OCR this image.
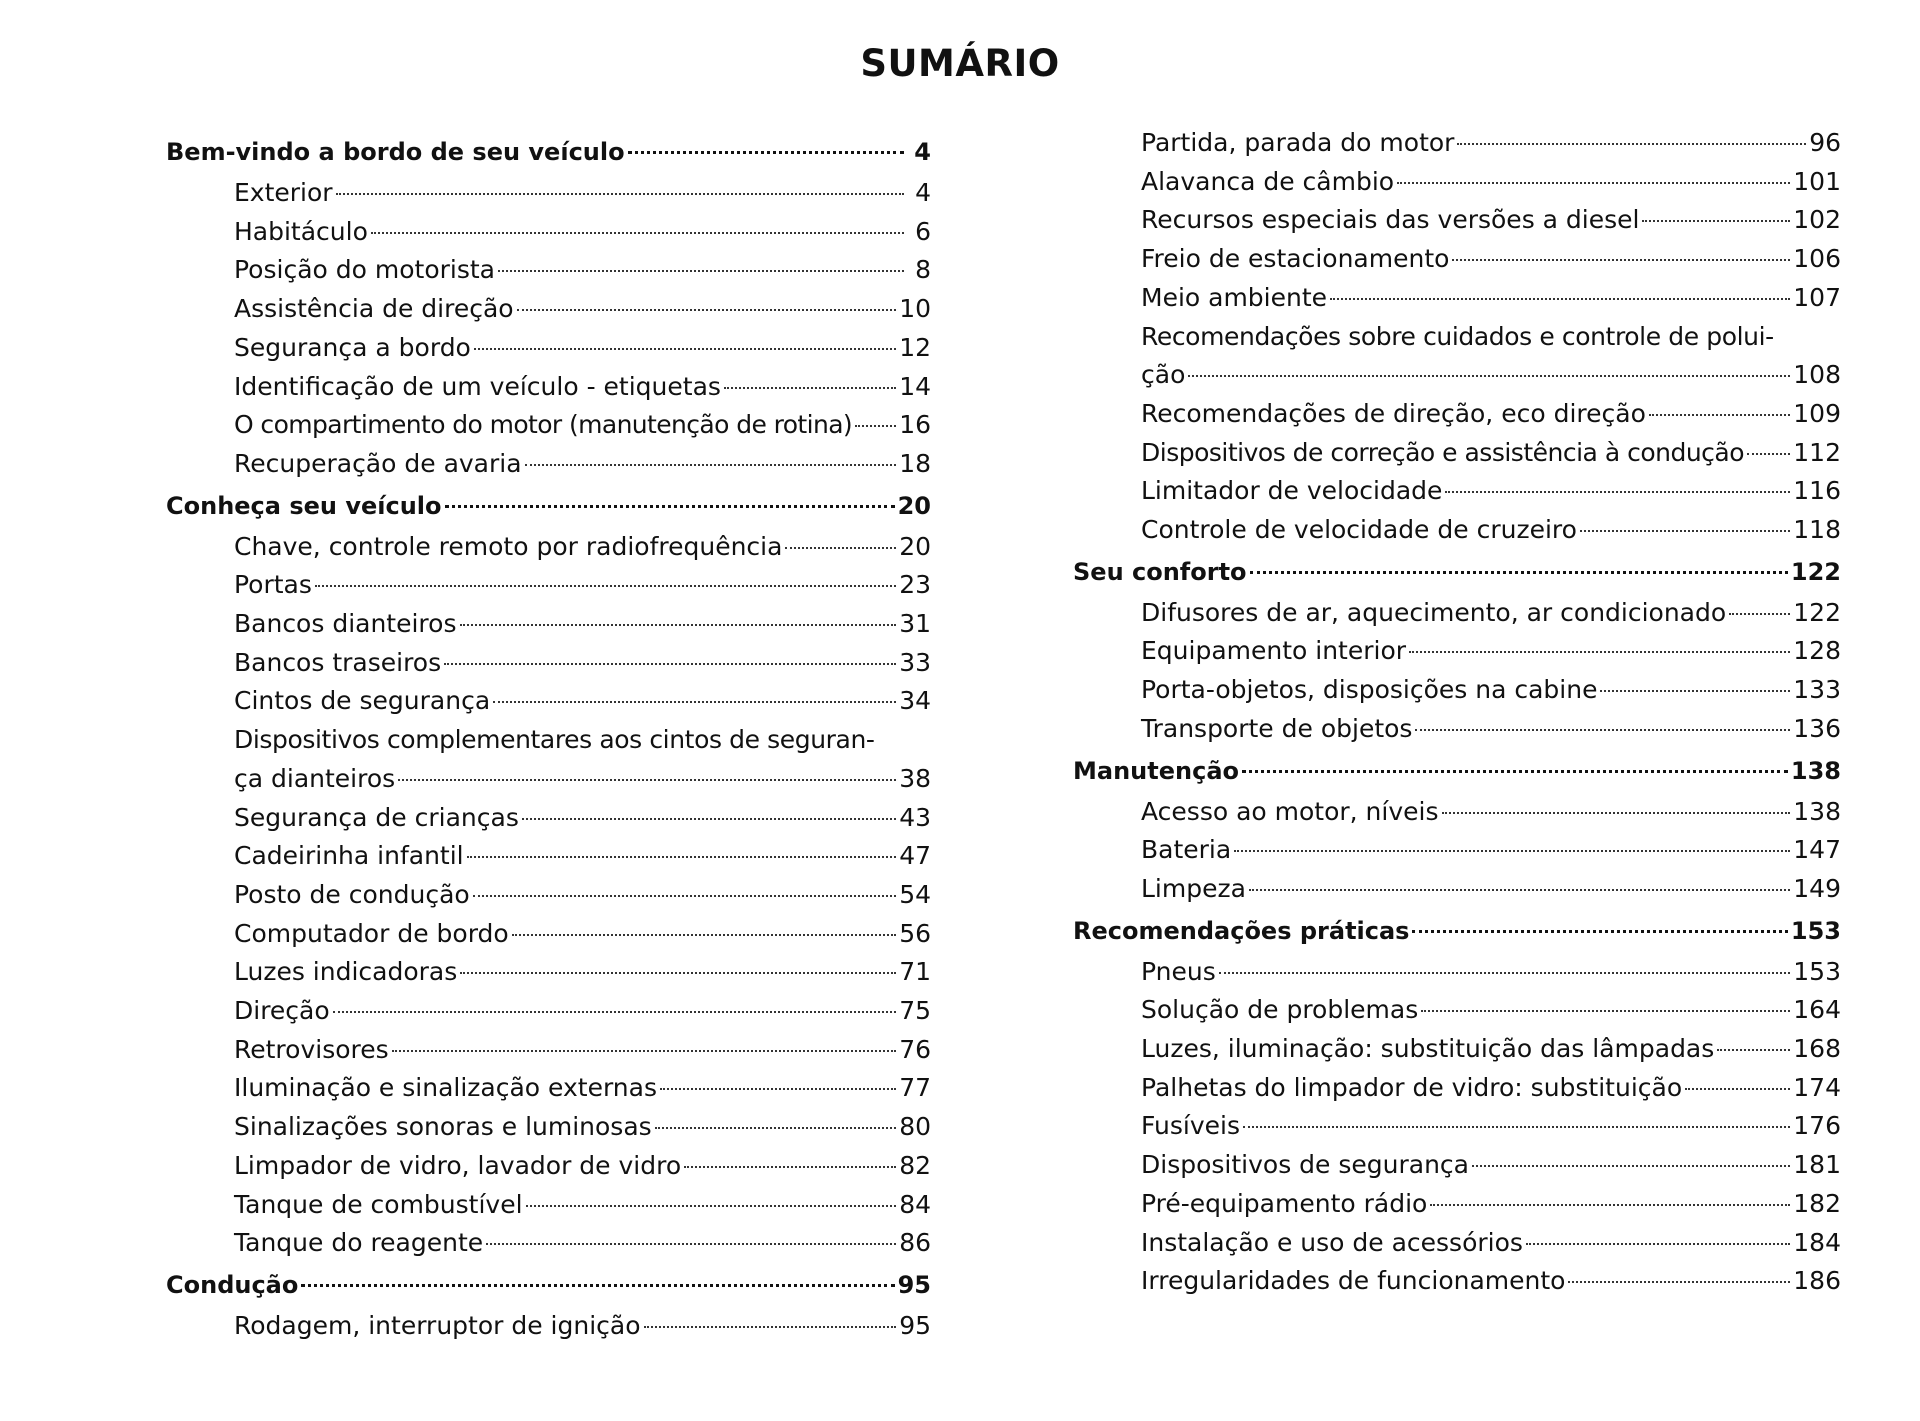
SUMÁRIO
Bem-vindo a bordo de seu veículo	4
Exterior	4
Habitáculo	6
Posição do motorista	8
Assistência de direção	10
Segurança a bordo	12
Identificação de um veículo - etiquetas	14
O compartimento do motor (manutenção de rotina) 16
Recuperação de avaria	18
Conheça seu veículo	20
Chave, controle remoto por radiofrequência	20
Portas	23
Bancos dianteiros	31
Bancos traseiros	33
Cintos de segurança	34
Dispositivos complementares aos cintos de seguran-
ça dianteiros	38
Segurança de crianças	43
Cadeirinha infantil	47
Posto de condução	54
Computador de bordo	56
Luzes indicadoras	71
Direção	75
Retrovisores	76
Iluminação e sinalização externas	77
Sinalizações sonoras e luminosas	80
Limpador de vidro, lavador de vidro	82
Tanque de combustível	84
Tanque do reagente	86
Condução	95
Rodagem, interruptor de ignição	95
Partida, parada do motor	96
Alavanca de câmbio	101
Recursos especiais das versões a diesel	102
Freio de estacionamento	106
Meio ambiente	107
Recomendações sobre cuidados e controle de polui-
ção	108
Recomendações de direção, eco direção	109
Dispositivos de correção e assistência à condução 112
Limitador de velocidade	116
Controle de velocidade de cruzeiro	118
Seu conforto	122
Difusores de ar, aquecimento, ar condicionado	122
Equipamento interior	128
Porta-objetos, disposições na cabine	133
Transporte de objetos	136
Manutenção	138
Acesso ao motor, níveis	138
Bateria	147
Limpeza	149
Recomendações práticas	153
Pneus	153
Solução de problemas	164
Luzes, iluminação: substituição das lâmpadas	168
Palhetas do limpador de vidro: substituição	174
Fusíveis	176
Dispositivos de segurança	181
Pré-equipamento rádio	182
Instalação e uso de acessórios	184
Irregularidades de funcionamento	186
